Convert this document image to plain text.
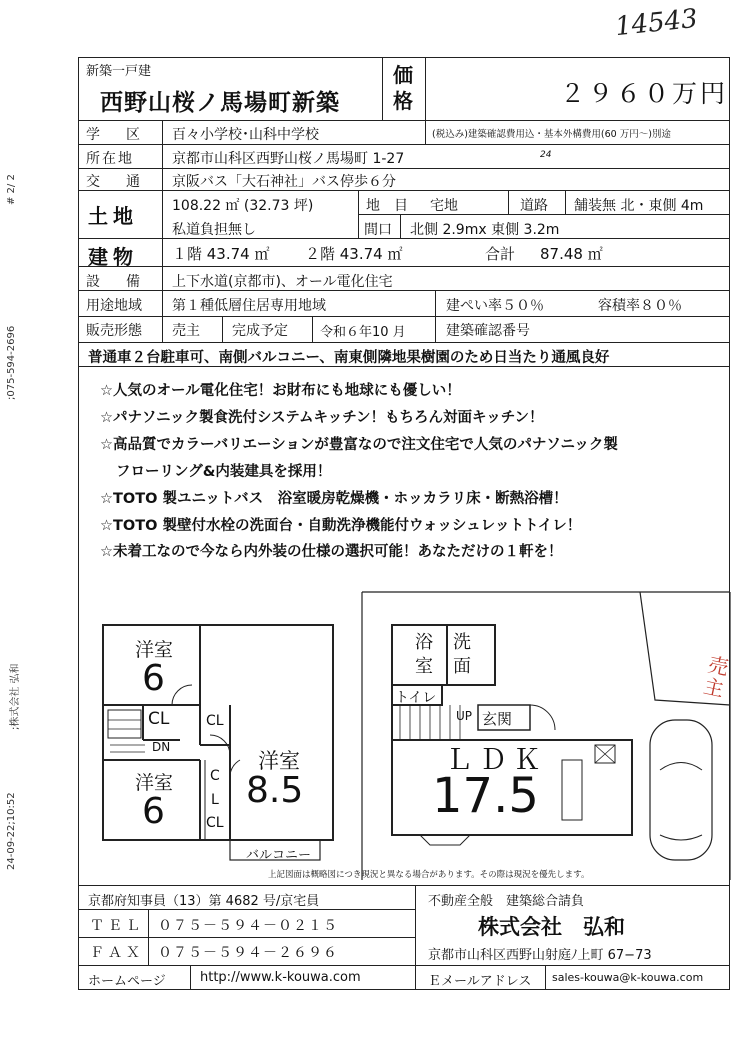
14543
# 2/ 2
;075-594-2696
;株式会社 弘和
24-09-22;10:52
新築一戸建
西野山桜ノ馬場町新築
価格	２９６０万円
学　区 百々小学校･山科中学校	(税込み)建築確認費用込・基本外構費用(60 万円〜)別途
所在地	京都市山科区西野山桜ノ馬場町 1-27	24
交　通 京阪バス「大石神社」バス停歩６分
土地 108.22 ㎡ (32.73 坪)
私道負担無し
地　目 宅地	道路 舗装無 北・東側 4m
間口 北側 2.9mx 東側 3.2m
建物 １階 43.74 ㎡ ２階 43.74 ㎡	合計 87.48 ㎡
設　備 上下水道(京都市)、オール電化住宅
用途地域 第１種低層住居専用地域	建ぺい率５０％	容積率８０％
販売形態 売主 完成予定 令和６年10 月	建築確認番号
普通車２台駐車可、南側バルコニー、南東側隣地果樹園のため日当たり通風良好
☆人気のオール電化住宅！お財布にも地球にも優しい！
☆パナソニック製食洗付システムキッチン！もちろん対面キッチン！
☆高品質でカラーバリエーションが豊富なので注文住宅で人気のパナソニック製
フローリング&内装建具を採用！
☆TOTO 製ユニットバス　浴室暖房乾燥機・ホッカラリ床・断熱浴槽！
☆TOTO 製壁付水栓の洗面台・自動洗浄機能付ウォッシュレットトイレ！
☆未着工なので今なら内外装の仕様の選択可能！あなただけの１軒を！
洋室
6
CL	CL
DN
洋室
6
C
L
CL
洋室
8.5
バルコニー
浴
室
洗
面
トイレ
UP 玄関
ＬＤＫ
17.5
売主
上記図面は概略図につき現況と異なる場合があります。その際は現況を優先します。
京都府知事員（13）第 4682 号/京宅員	不動産全般　建築総合請負
ＴＥＬ ０７５－５９４－０２１５	株式会社　弘和
ＦＡＸ ０７５－５９４－２６９６	京都市山科区西野山射庭ﾉ上町 67−73
ホームページ	http://www.k-kouwa.com	Ｅメールアドレス sales-kouwa@k-kouwa.com
